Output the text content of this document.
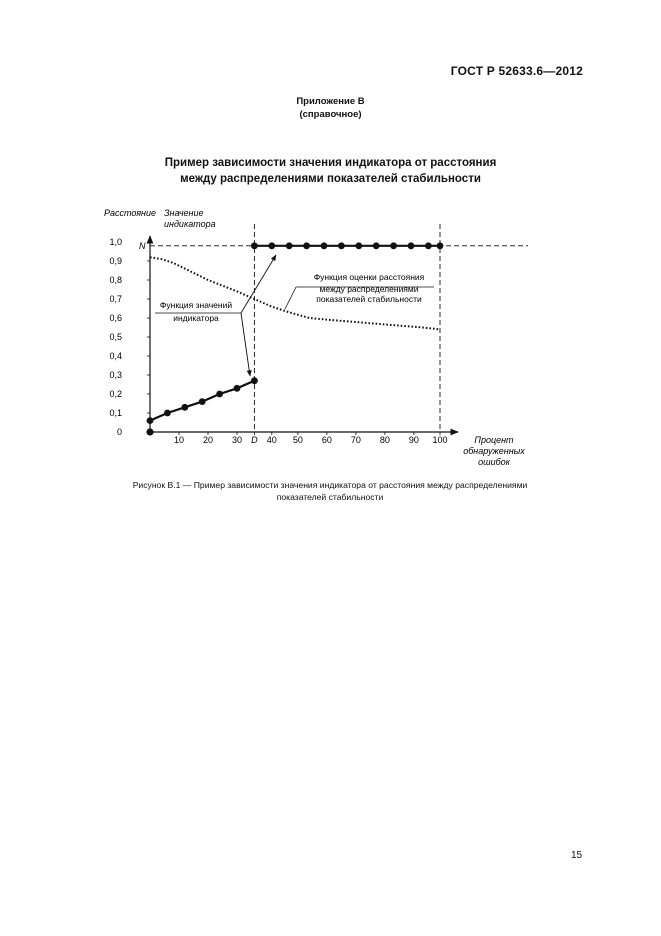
ГОСТ Р 52633.6—2012
Приложение В
(справочное)
Пример зависимости значения индикатора от расстояния
между распределениями показателей стабильности
Расстояние Значение
индикатора
Процент
обнаруженных
ошибок
0
0,1
0,2
0,3
0,4
0,5
0,6
0,7
0,8
0,9
1,0
10 20 30 D 40 50 60 70 80 90 100
N
Функция оценки расстояния
между распределениями
показателей стабильности
Функция значений
индикатора
Рисунок В.1 — Пример зависимости значения индикатора от расстояния между распределениями
показателей стабильности
15
